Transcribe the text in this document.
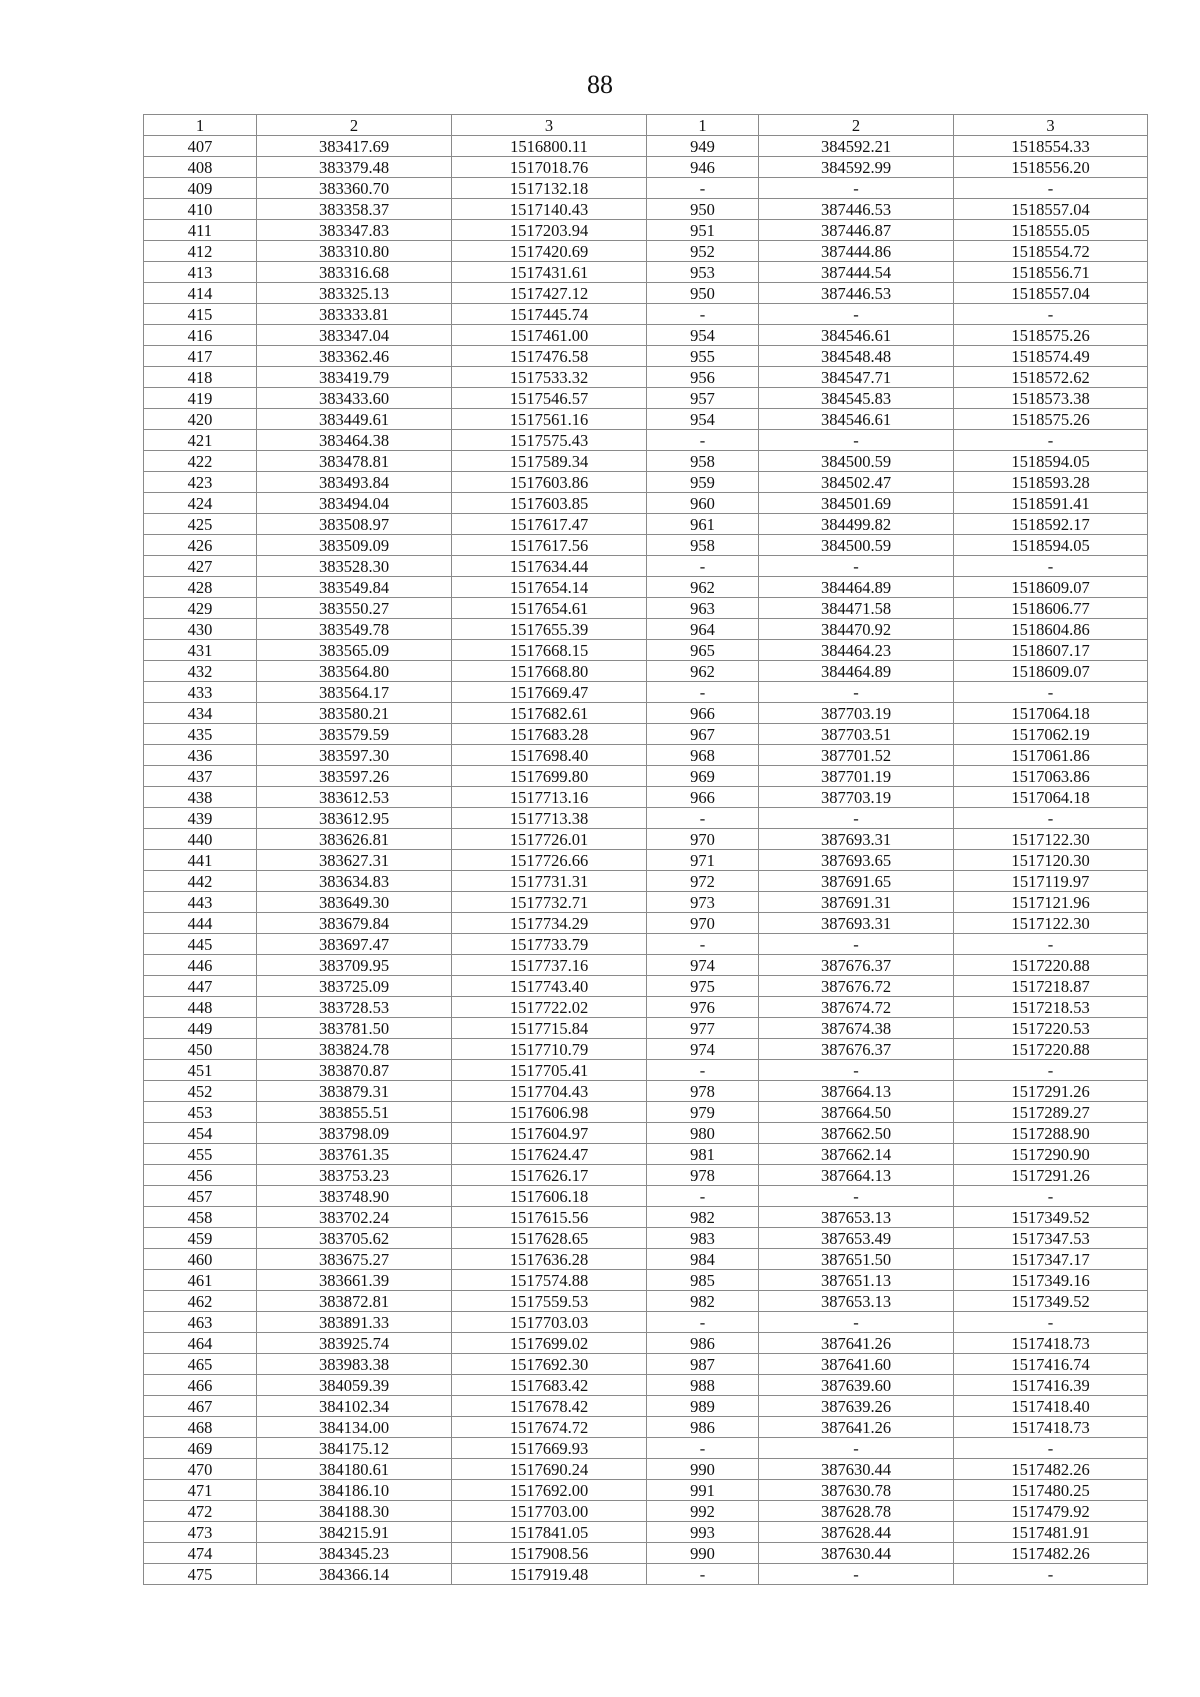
88
1	2	3	1	2	3
407	383417.69	1516800.11	949	384592.21	1518554.33
408	383379.48	1517018.76	946	384592.99	1518556.20
409	383360.70	1517132.18	-	-	-
410	383358.37	1517140.43	950	387446.53	1518557.04
411	383347.83	1517203.94	951	387446.87	1518555.05
412	383310.80	1517420.69	952	387444.86	1518554.72
413	383316.68	1517431.61	953	387444.54	1518556.71
414	383325.13	1517427.12	950	387446.53	1518557.04
415	383333.81	1517445.74	-	-	-
416	383347.04	1517461.00	954	384546.61	1518575.26
417	383362.46	1517476.58	955	384548.48	1518574.49
418	383419.79	1517533.32	956	384547.71	1518572.62
419	383433.60	1517546.57	957	384545.83	1518573.38
420	383449.61	1517561.16	954	384546.61	1518575.26
421	383464.38	1517575.43	-	-	-
422	383478.81	1517589.34	958	384500.59	1518594.05
423	383493.84	1517603.86	959	384502.47	1518593.28
424	383494.04	1517603.85	960	384501.69	1518591.41
425	383508.97	1517617.47	961	384499.82	1518592.17
426	383509.09	1517617.56	958	384500.59	1518594.05
427	383528.30	1517634.44	-	-	-
428	383549.84	1517654.14	962	384464.89	1518609.07
429	383550.27	1517654.61	963	384471.58	1518606.77
430	383549.78	1517655.39	964	384470.92	1518604.86
431	383565.09	1517668.15	965	384464.23	1518607.17
432	383564.80	1517668.80	962	384464.89	1518609.07
433	383564.17	1517669.47	-	-	-
434	383580.21	1517682.61	966	387703.19	1517064.18
435	383579.59	1517683.28	967	387703.51	1517062.19
436	383597.30	1517698.40	968	387701.52	1517061.86
437	383597.26	1517699.80	969	387701.19	1517063.86
438	383612.53	1517713.16	966	387703.19	1517064.18
439	383612.95	1517713.38	-	-	-
440	383626.81	1517726.01	970	387693.31	1517122.30
441	383627.31	1517726.66	971	387693.65	1517120.30
442	383634.83	1517731.31	972	387691.65	1517119.97
443	383649.30	1517732.71	973	387691.31	1517121.96
444	383679.84	1517734.29	970	387693.31	1517122.30
445	383697.47	1517733.79	-	-	-
446	383709.95	1517737.16	974	387676.37	1517220.88
447	383725.09	1517743.40	975	387676.72	1517218.87
448	383728.53	1517722.02	976	387674.72	1517218.53
449	383781.50	1517715.84	977	387674.38	1517220.53
450	383824.78	1517710.79	974	387676.37	1517220.88
451	383870.87	1517705.41	-	-	-
452	383879.31	1517704.43	978	387664.13	1517291.26
453	383855.51	1517606.98	979	387664.50	1517289.27
454	383798.09	1517604.97	980	387662.50	1517288.90
455	383761.35	1517624.47	981	387662.14	1517290.90
456	383753.23	1517626.17	978	387664.13	1517291.26
457	383748.90	1517606.18	-	-	-
458	383702.24	1517615.56	982	387653.13	1517349.52
459	383705.62	1517628.65	983	387653.49	1517347.53
460	383675.27	1517636.28	984	387651.50	1517347.17
461	383661.39	1517574.88	985	387651.13	1517349.16
462	383872.81	1517559.53	982	387653.13	1517349.52
463	383891.33	1517703.03	-	-	-
464	383925.74	1517699.02	986	387641.26	1517418.73
465	383983.38	1517692.30	987	387641.60	1517416.74
466	384059.39	1517683.42	988	387639.60	1517416.39
467	384102.34	1517678.42	989	387639.26	1517418.40
468	384134.00	1517674.72	986	387641.26	1517418.73
469	384175.12	1517669.93	-	-	-
470	384180.61	1517690.24	990	387630.44	1517482.26
471	384186.10	1517692.00	991	387630.78	1517480.25
472	384188.30	1517703.00	992	387628.78	1517479.92
473	384215.91	1517841.05	993	387628.44	1517481.91
474	384345.23	1517908.56	990	387630.44	1517482.26
475	384366.14	1517919.48	-	-	-
